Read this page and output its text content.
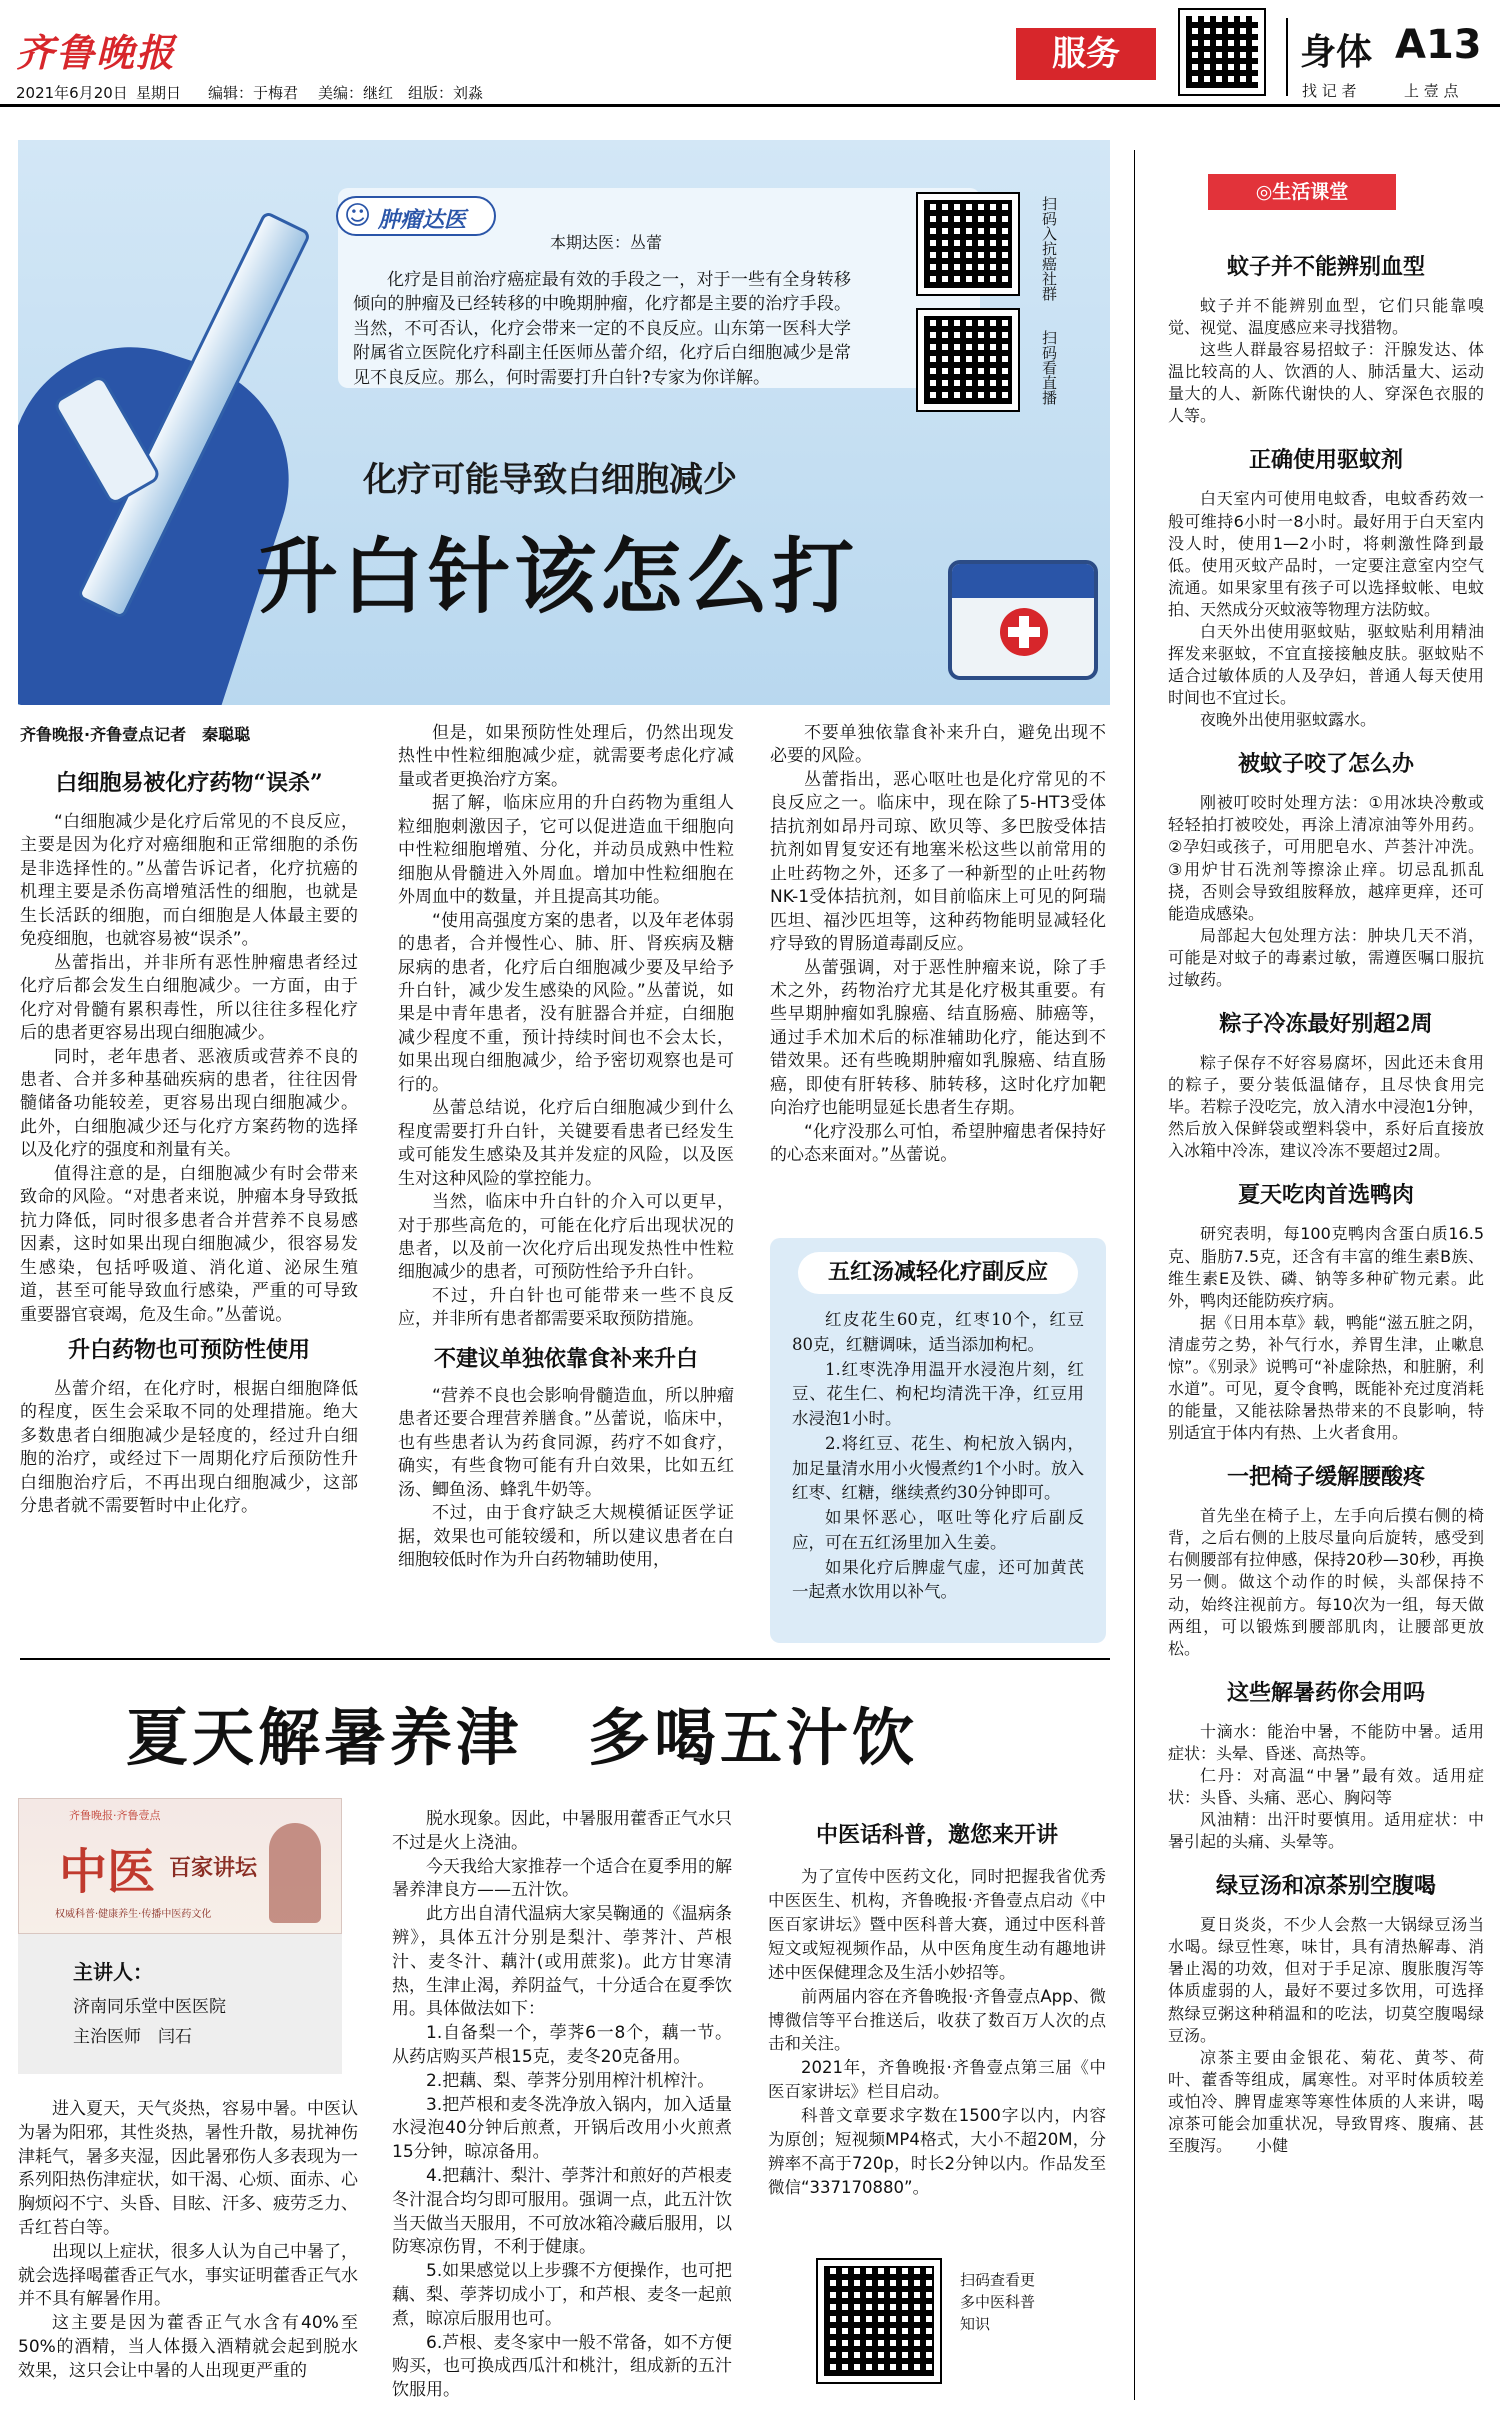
齐鲁晚报
2021年6月20日 星期日 编辑：于梅君 美编：继红 组版：刘淼
服务	身体 A13
找 记 者	上 壹 点
☺ 肿瘤达医
本期达医：丛蕾

化疗是目前治疗癌症最有效的手段之一，对于一些有全身转移倾向的肿瘤及已经转移的中晚期肿瘤，化疗都是主要的治疗手段。当然，不可否认，化疗会带来一定的不良反应。山东第一医科大学附属省立医院化疗科副主任医师丛蕾介绍，化疗后白细胞减少是常见不良反应。那么，何时需要打升白针?专家为你详解。

扫码入抗癌社群
扫码看直播
化疗可能导致白细胞减少
升白针该怎么打
齐鲁晚报·齐鲁壹点记者　秦聪聪
白细胞易被化疗药物“误杀”

“白细胞减少是化疗后常见的不良反应，主要是因为化疗对癌细胞和正常细胞的杀伤是非选择性的。”丛蕾告诉记者，化疗抗癌的机理主要是杀伤高增殖活性的细胞，也就是生长活跃的细胞，而白细胞是人体最主要的免疫细胞，也就容易被“误杀”。

丛蕾指出，并非所有恶性肿瘤患者经过化疗后都会发生白细胞减少。一方面，由于化疗对骨髓有累积毒性，所以往往多程化疗后的患者更容易出现白细胞减少。

同时，老年患者、恶液质或营养不良的患者、合并多种基础疾病的患者，往往因骨髓储备功能较差，更容易出现白细胞减少。此外，白细胞减少还与化疗方案药物的选择以及化疗的强度和剂量有关。

值得注意的是，白细胞减少有时会带来致命的风险。“对患者来说，肿瘤本身导致抵抗力降低，同时很多患者合并营养不良易感因素，这时如果出现白细胞减少，很容易发生感染，包括呼吸道、消化道、泌尿生殖道，甚至可能导致血行感染，严重的可导致重要器官衰竭，危及生命。”丛蕾说。

升白药物也可预防性使用

丛蕾介绍，在化疗时，根据白细胞降低的程度，医生会采取不同的处理措施。绝大多数患者白细胞减少是轻度的，经过升白细胞的治疗，或经过下一周期化疗后预防性升白细胞治疗后，不再出现白细胞减少，这部分患者就不需要暂时中止化疗。

但是，如果预防性处理后，仍然出现发热性中性粒细胞减少症，就需要考虑化疗减量或者更换治疗方案。

据了解，临床应用的升白药物为重组人粒细胞刺激因子，它可以促进造血干细胞向中性粒细胞增殖、分化，并动员成熟中性粒细胞从骨髓进入外周血。增加中性粒细胞在外周血中的数量，并且提高其功能。

“使用高强度方案的患者，以及年老体弱的患者，合并慢性心、肺、肝、肾疾病及糖尿病的患者，化疗后白细胞减少要及早给予升白针，减少发生感染的风险。”丛蕾说，如果是中青年患者，没有脏器合并症，白细胞减少程度不重，预计持续时间也不会太长，如果出现白细胞减少，给予密切观察也是可行的。

丛蕾总结说，化疗后白细胞减少到什么程度需要打升白针，关键要看患者已经发生或可能发生感染及其并发症的风险，以及医生对这种风险的掌控能力。

当然，临床中升白针的介入可以更早，对于那些高危的，可能在化疗后出现状况的患者，以及前一次化疗后出现发热性中性粒细胞减少的患者，可预防性给予升白针。

不过，升白针也可能带来一些不良反应，并非所有患者都需要采取预防措施。

不建议单独依靠食补来升白

“营养不良也会影响骨髓造血，所以肿瘤患者还要合理营养膳食。”丛蕾说，临床中，也有些患者认为药食同源，药疗不如食疗，确实，有些食物可能有升白效果，比如五红汤、鲫鱼汤、蜂乳牛奶等。

不过，由于食疗缺乏大规模循证医学证据，效果也可能较缓和，所以建议患者在白细胞较低时作为升白药物辅助使用，

不要单独依靠食补来升白，避免出现不必要的风险。

丛蕾指出，恶心呕吐也是化疗常见的不良反应之一。临床中，现在除了5-HT3受体拮抗剂如昂丹司琼、欧贝等、多巴胺受体拮抗剂如胃复安还有地塞米松这些以前常用的止吐药物之外，还多了一种新型的止吐药物NK-1受体拮抗剂，如目前临床上可见的阿瑞匹坦、福沙匹坦等，这种药物能明显减轻化疗导致的胃肠道毒副反应。

丛蕾强调，对于恶性肿瘤来说，除了手术之外，药物治疗尤其是化疗极其重要。有些早期肿瘤如乳腺癌、结直肠癌、肺癌等，通过手术加术后的标准辅助化疗，能达到不错效果。还有些晚期肿瘤如乳腺癌、结直肠癌，即使有肝转移、肺转移，这时化疗加靶向治疗也能明显延长患者生存期。

“化疗没那么可怕，希望肿瘤患者保持好的心态来面对。”丛蕾说。

五红汤减轻化疗副反应

红皮花生60克，红枣10个，红豆80克，红糖调味，适当添加枸杞。

1.红枣洗净用温开水浸泡片刻，红豆、花生仁、枸杞均清洗干净，红豆用水浸泡1小时。

2.将红豆、花生、枸杞放入锅内，加足量清水用小火慢煮约1个小时。放入红枣、红糖，继续煮约30分钟即可。

如果怀恶心，呕吐等化疗后副反应，可在五红汤里加入生姜。

如果化疗后脾虚气虚，还可加黄芪一起煮水饮用以补气。

夏天解暑养津　多喝五汁饮
齐鲁晚报·齐鲁壹点
中医 百家讲坛
权威科普·健康养生·传播中医药文化
主讲人：
济南同乐堂中医医院
主治医师　闫石

进入夏天，天气炎热，容易中暑。中医认为暑为阳邪，其性炎热，暑性升散，易扰神伤津耗气，暑多夹湿，因此暑邪伤人多表现为一系列阳热伤津症状，如干渴、心烦、面赤、心胸烦闷不宁、头昏、目眩、汗多、疲劳乏力、舌红苔白等。

出现以上症状，很多人认为自己中暑了，就会选择喝藿香正气水，事实证明藿香正气水并不具有解暑作用。

这主要是因为藿香正气水含有40%至50%的酒精，当人体摄入酒精就会起到脱水效果，这只会让中暑的人出现更严重的

脱水现象。因此，中暑服用藿香正气水只不过是火上浇油。

今天我给大家推荐一个适合在夏季用的解暑养津良方——五汁饮。

此方出自清代温病大家吴鞠通的《温病条辨》，具体五汁分别是梨汁、荸荠汁、芦根汁、麦冬汁、藕汁(或用蔗浆)。此方甘寒清热，生津止渴，养阴益气，十分适合在夏季饮用。具体做法如下：

1.自备梨一个，荸荠6一8个，藕一节。从药店购买芦根15克，麦冬20克备用。

2.把藕、梨、荸荠分别用榨汁机榨汁。

3.把芦根和麦冬洗净放入锅内，加入适量水浸泡40分钟后煎煮，开锅后改用小火煎煮15分钟，晾凉备用。

4.把藕汁、梨汁、荸荠汁和煎好的芦根麦冬汁混合均匀即可服用。强调一点，此五汁饮当天做当天服用，不可放冰箱冷藏后服用，以防寒凉伤胃，不利于健康。

5.如果感觉以上步骤不方便操作，也可把藕、梨、荸荠切成小丁，和芦根、麦冬一起煎煮，晾凉后服用也可。

6.芦根、麦冬家中一般不常备，如不方便购买，也可换成西瓜汁和桃汁，组成新的五汁饮服用。

中医话科普，邀您来开讲

为了宣传中医药文化，同时把握我省优秀中医医生、机构，齐鲁晚报·齐鲁壹点启动《中医百家讲坛》暨中医科普大赛，通过中医科普短文或短视频作品，从中医角度生动有趣地讲述中医保健理念及生活小妙招等。

前两届内容在齐鲁晚报·齐鲁壹点App、微博微信等平台推送后，收获了数百万人次的点击和关注。

2021年，齐鲁晚报·齐鲁壹点第三届《中医百家讲坛》栏目启动。

科普文章要求字数在1500字以内，内容为原创；短视频MP4格式，大小不超20M，分辨率不高于720p，时长2分钟以内。作品发至微信“337170880”。

扫码查看更多中医科普知识
◎生活课堂
蚊子并不能辨别血型

蚊子并不能辨别血型，它们只能靠嗅觉、视觉、温度感应来寻找猎物。

这些人群最容易招蚊子：汗腺发达、体温比较高的人、饮酒的人、肺活量大、运动量大的人、新陈代谢快的人、穿深色衣服的人等。

正确使用驱蚊剂

白天室内可使用电蚊香，电蚊香药效一般可维持6小时一8小时。最好用于白天室内没人时，使用1—2小时，将刺激性降到最低。使用灭蚊产品时，一定要注意室内空气流通。如果家里有孩子可以选择蚊帐、电蚊拍、天然成分灭蚊液等物理方法防蚊。

白天外出使用驱蚊贴，驱蚊贴利用精油挥发来驱蚊，不宜直接接触皮肤。驱蚊贴不适合过敏体质的人及孕妇，普通人每天使用时间也不宜过长。

夜晚外出使用驱蚊露水。

被蚊子咬了怎么办

刚被叮咬时处理方法：①用冰块冷敷或轻轻拍打被咬处，再涂上清凉油等外用药。②孕妇或孩子，可用肥皂水、芦荟汁冲洗。③用炉甘石洗剂等擦涂止痒。切忌乱抓乱挠，否则会导致组胺释放，越痒更痒，还可能造成感染。

局部起大包处理方法：肿块几天不消，可能是对蚊子的毒素过敏，需遵医嘱口服抗过敏药。

粽子冷冻最好别超2周

粽子保存不好容易腐坏，因此还未食用的粽子，要分装低温储存，且尽快食用完毕。若粽子没吃完，放入清水中浸泡1分钟，然后放入保鲜袋或塑料袋中，系好后直接放入冰箱中冷冻，建议冷冻不要超过2周。

夏天吃肉首选鸭肉

研究表明，每100克鸭肉含蛋白质16.5克、脂肪7.5克，还含有丰富的维生素B族、维生素E及铁、磷、钠等多种矿物元素。此外，鸭肉还能防疾疗病。

据《日用本草》载，鸭能“滋五脏之阴，清虚劳之势，补气行水，养胃生津，止嗽息惊”。《别录》说鸭可“补虚除热，和脏腑，利水道”。可见，夏令食鸭，既能补充过度消耗的能量，又能祛除暑热带来的不良影响，特别适宜于体内有热、上火者食用。

一把椅子缓解腰酸疼

首先坐在椅子上，左手向后摸右侧的椅背，之后右侧的上肢尽量向后旋转，感受到右侧腰部有拉伸感，保持20秒—30秒，再换另一侧。做这个动作的时候，头部保持不动，始终注视前方。每10次为一组，每天做两组，可以锻炼到腰部肌肉，让腰部更放松。

这些解暑药你会用吗

十滴水：能治中暑，不能防中暑。适用症状：头晕、昏迷、高热等。

仁丹：对高温“中暑”最有效。适用症状：头昏、头痛、恶心、胸闷等

风油精：出汗时要慎用。适用症状：中暑引起的头痛、头晕等。

绿豆汤和凉茶别空腹喝

夏日炎炎，不少人会熬一大锅绿豆汤当水喝。绿豆性寒，味甘，具有清热解毒、消暑止渴的功效，但对于手足凉、腹胀腹泻等体质虚弱的人，最好不要过多饮用，可选择熬绿豆粥这种稍温和的吃法，切莫空腹喝绿豆汤。

凉茶主要由金银花、菊花、黄芩、荷叶、藿香等组成，属寒性。对平时体质较差或怕冷、脾胃虚寒等寒性体质的人来讲，喝凉茶可能会加重状况，导致胃疼、腹痛、甚至腹泻。　　小健
